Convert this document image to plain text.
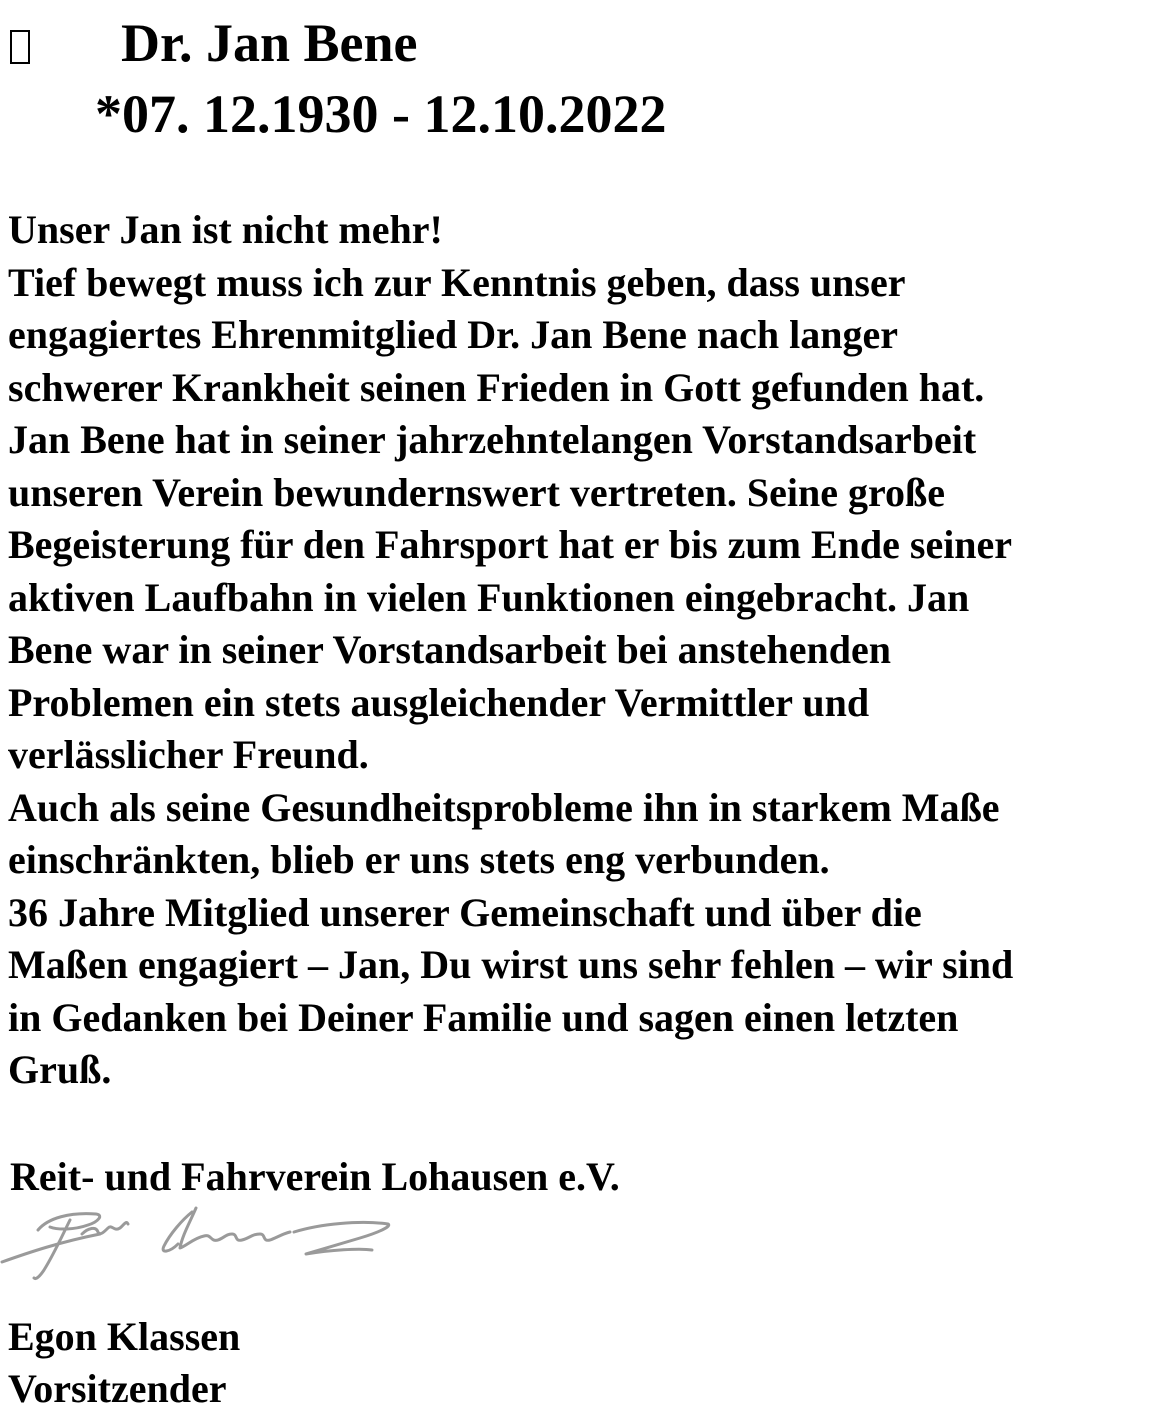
Dr. Jan Bene
*07. 12.1930 - 12.10.2022
Unser Jan ist nicht mehr!
Tief bewegt muss ich zur Kenntnis geben, dass unser
engagiertes Ehrenmitglied Dr. Jan Bene nach langer
schwerer Krankheit seinen Frieden in Gott gefunden hat.
Jan Bene hat in seiner jahrzehntelangen Vorstandsarbeit
unseren Verein bewundernswert vertreten. Seine große
Begeisterung für den Fahrsport hat er bis zum Ende seiner
aktiven Laufbahn in vielen Funktionen eingebracht. Jan
Bene war in seiner Vorstandsarbeit bei anstehenden
Problemen ein stets ausgleichender Vermittler und
verlässlicher Freund.
Auch als seine Gesundheitsprobleme ihn in starkem Maße
einschränkten, blieb er uns stets eng verbunden.
36 Jahre Mitglied unserer Gemeinschaft und über die
Maßen engagiert – Jan, Du wirst uns sehr fehlen – wir sind
in Gedanken bei Deiner Familie und sagen einen letzten
Gruß.
Reit- und Fahrverein Lohausen e.V.
Egon Klassen
Vorsitzender
